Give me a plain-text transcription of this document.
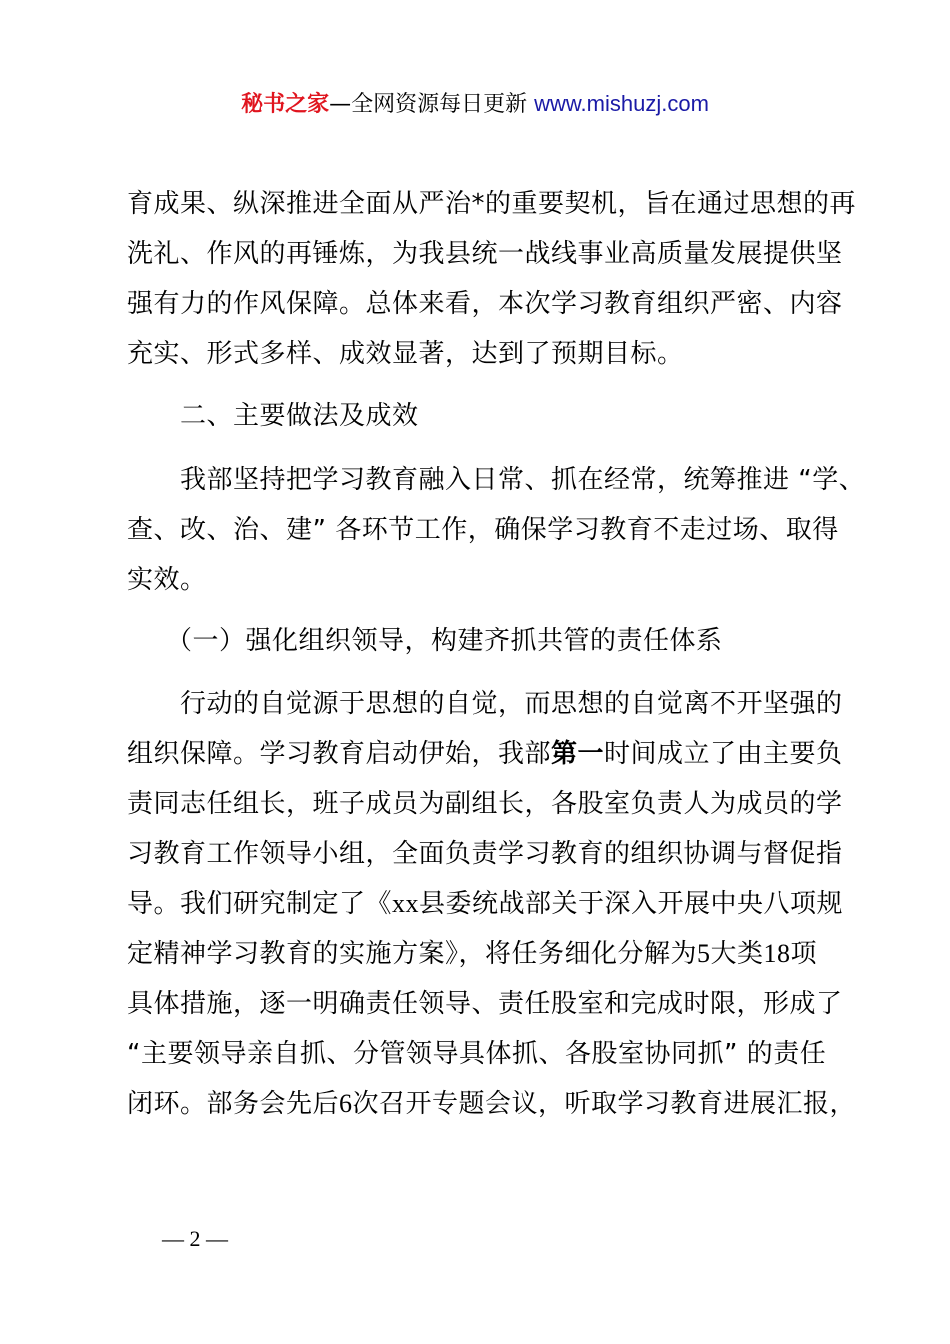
秘书之家—全网资源每日更新 www.mishuzj.com
育成果、纵深推进全面从严治*的重要契机，旨在通过思想的再
洗礼、作风的再锤炼，为我县统一战线事业高质量发展提供坚
强有力的作风保障。总体来看，本次学习教育组织严密、内容
充实、形式多样、成效显著，达到了预期目标。
二、主要做法及成效
我部坚持把学习教育融入日常、抓在经常，统筹推进 “学、
查、改、治、建” 各环节工作，确保学习教育不走过场、取得
实效。
（一）强化组织领导，构建齐抓共管的责任体系
行动的自觉源于思想的自觉，而思想的自觉离不开坚强的
组织保障。学习教育启动伊始，我部第一时间成立了由主要负
责同志任组长，班子成员为副组长，各股室负责人为成员的学
习教育工作领导小组，全面负责学习教育的组织协调与督促指
导。我们研究制定了《xx县委统战部关于深入开展中央八项规
定精神学习教育的实施方案》，将任务细化分解为5大类18项
具体措施，逐一明确责任领导、责任股室和完成时限，形成了
“主要领导亲自抓、分管领导具体抓、各股室协同抓” 的责任
闭环。部务会先后6次召开专题会议，听取学习教育进展汇报，
— 2 —
